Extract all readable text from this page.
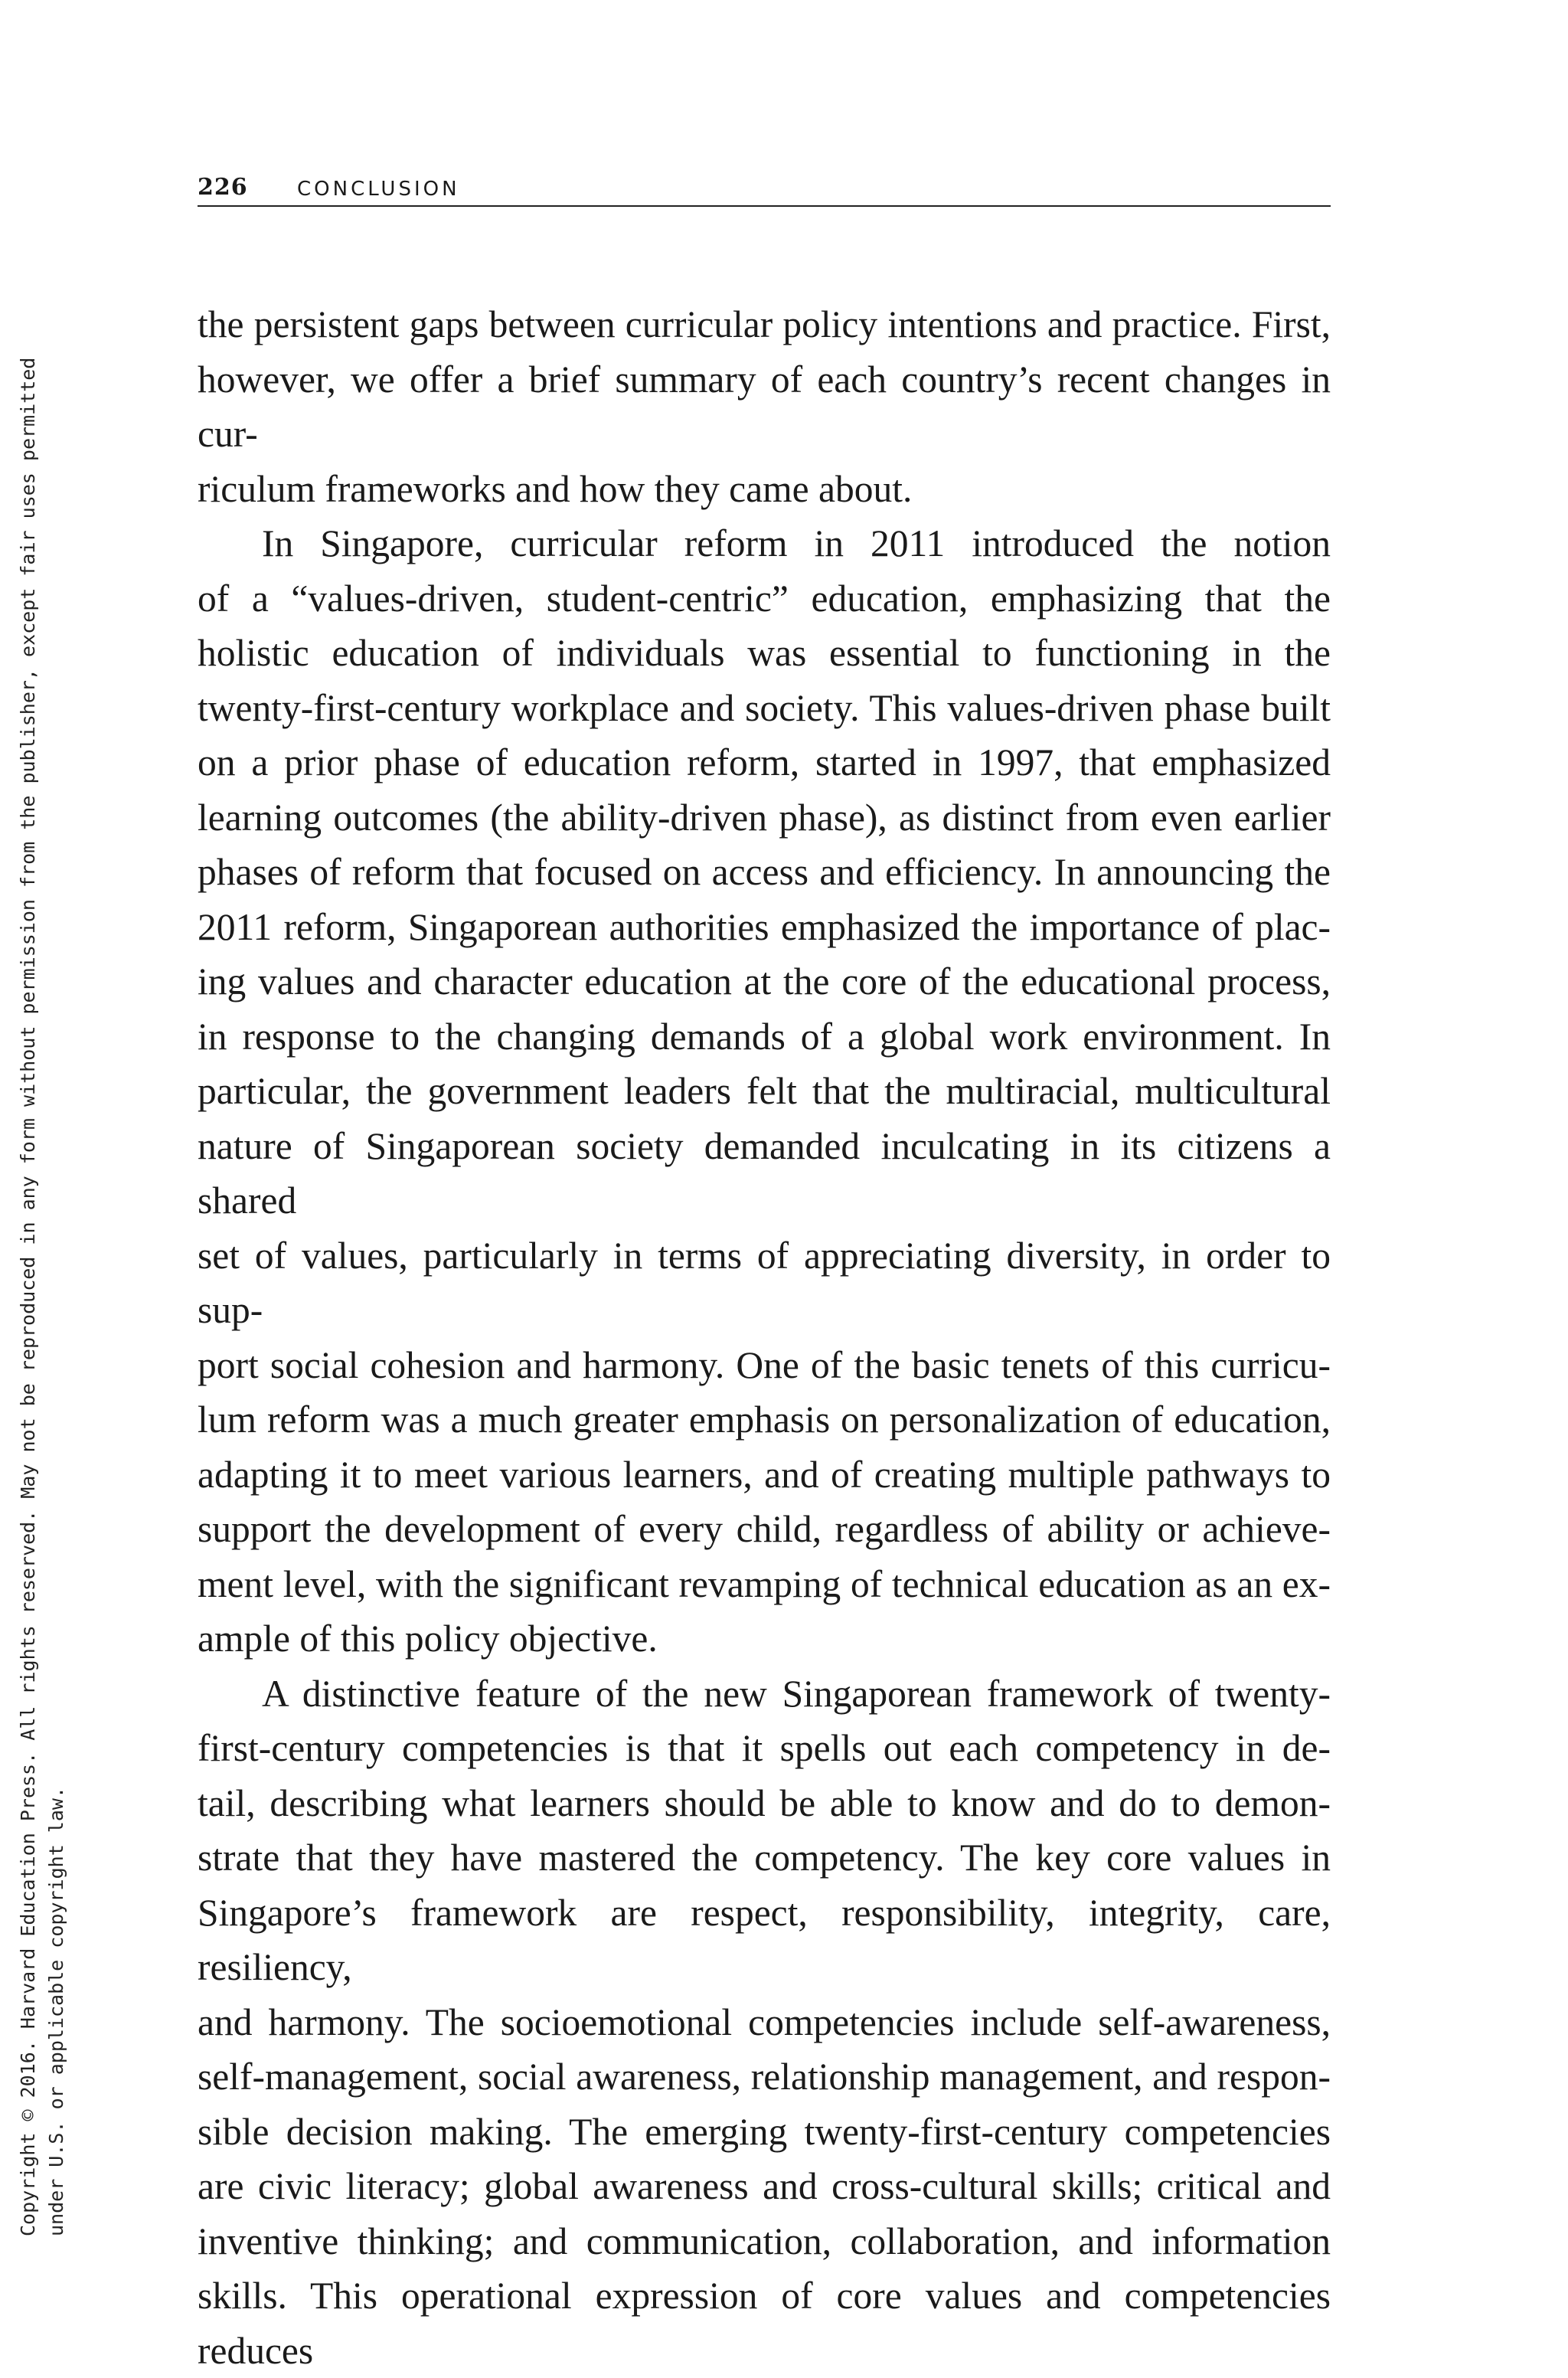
226 CONCLUSION
Copyright © 2016. Harvard Education Press. All rights reserved. May not be reproduced in any form without permission from the publisher, except fair uses permitted under U.S. or applicable copyright law.

the persistent gaps between curricular policy intentions and practice. First,
however, we offer a brief summary of each country’s recent changes in cur-
riculum frameworks and how they came about.

In Singapore, curricular reform in 2011 introduced the notion
of a “values-driven, student-centric” education, emphasizing that the
holistic education of individuals was essential to functioning in the
twenty-first-century workplace and society. This values-driven phase built
on a prior phase of education reform, started in 1997, that emphasized
learning outcomes (the ability-driven phase), as distinct from even earlier
phases of reform that focused on access and efficiency. In announcing the
2011 reform, Singaporean authorities emphasized the importance of plac-
ing values and character education at the core of the educational process,
in response to the changing demands of a global work environment. In
particular, the government leaders felt that the multiracial, multicultural
nature of Singaporean society demanded inculcating in its citizens a shared
set of values, particularly in terms of appreciating diversity, in order to sup-
port social cohesion and harmony. One of the basic tenets of this curricu-
lum reform was a much greater emphasis on personalization of education,
adapting it to meet various learners, and of creating multiple pathways to
support the development of every child, regardless of ability or achieve-
ment level, with the significant revamping of technical education as an ex-
ample of this policy objective.

A distinctive feature of the new Singaporean framework of twenty-
first-century competencies is that it spells out each competency in de-
tail, describing what learners should be able to know and do to demon-
strate that they have mastered the competency. The key core values in
Singapore’s framework are respect, responsibility, integrity, care, resiliency,
and harmony. The socioemotional competencies include self-awareness,
self-management, social awareness, relationship management, and respon-
sible decision making. The emerging twenty-first-century competencies
are civic literacy; global awareness and cross-cultural skills; critical and
inventive thinking; and communication, collaboration, and information
skills. This operational expression of core values and competencies reduces
